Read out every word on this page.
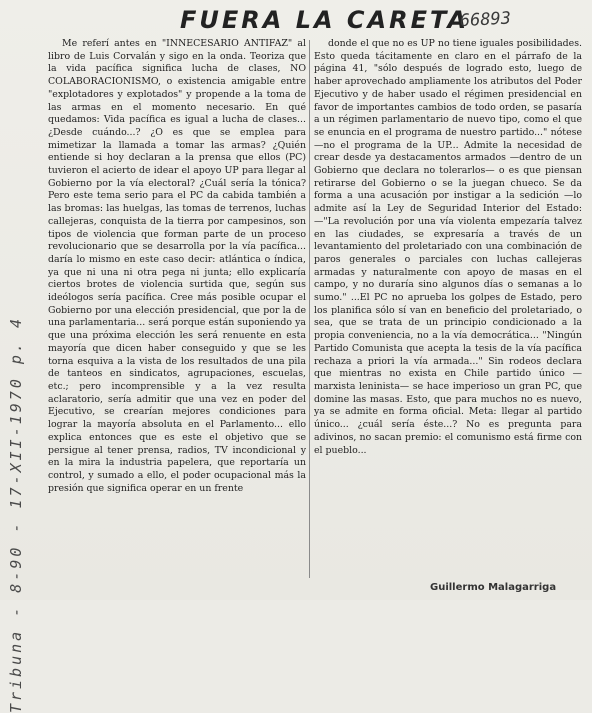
FUERA LA CARETA
66893
Tribuna - 8-90 - 17-XII-1970 p. 4

Me referí antes en "INNECESARIO ANTIFAZ" al libro de Luis Corvalán y sigo en la onda. Teoriza que la vida pacífica significa lucha de clases, NO COLABORACIONISMO, o existencia amigable entre "explotadores y explotados" y propende a la toma de las armas en el momento necesario. En qué quedamos: Vida pacífica es igual a lucha de clases... ¿Desde cuándo...? ¿O es que se emplea para mimetizar la llamada a tomar las armas? ¿Quién entiende si hoy declaran a la prensa que ellos (PC) tuvieron el acierto de idear el apoyo UP para llegar al Gobierno por la vía electoral? ¿Cuál sería la tónica? Pero este tema serio para el PC da cabida también a las bromas: las huelgas, las tomas de terrenos, luchas callejeras, conquista de la tierra por campesinos, son tipos de violencia que forman parte de un proceso revolucionario que se desarrolla por la vía pacífica... daría lo mismo en este caso decir: atlántica o índica, ya que ni una ni otra pega ni junta; ello explicaría ciertos brotes de violencia surtida que, según sus ideólogos sería pacífica. Cree más posible ocupar el Gobierno por una elección presidencial, que por la de una parlamentaria... será porque están suponiendo ya que una próxima elección les será renuente en esta mayoría que dicen haber conseguido y que se les torna esquiva a la vista de los resultados de una pila de tanteos en sindicatos, agrupaciones, escuelas, etc.; pero incomprensible y a la vez resulta aclaratorio, sería admitir que una vez en poder del Ejecutivo, se crearían mejores condiciones para lograr la mayoría absoluta en el Parlamento... ello explica entonces que es este el objetivo que se persigue al tener prensa, radios, TV incondicional y en la mira la industria papelera, que reportaría un control, y sumado a ello, el poder ocupacional más la presión que significa operar en un frente

donde el que no es UP no tiene iguales posibilidades. Esto queda tácitamente en claro en el párrafo de la página 41, "sólo después de logrado esto, luego de haber aprovechado ampliamente los atributos del Poder Ejecutivo y de haber usado el régimen presidencial en favor de importantes cambios de todo orden, se pasaría a un régimen parlamentario de nuevo tipo, como el que se enuncia en el programa de nuestro partido..." nótese —no el programa de la UP... Admite la necesidad de crear desde ya destacamentos armados —dentro de un Gobierno que declara no tolerarlos— o es que piensan retirarse del Gobierno o se la juegan chueco. Se da forma a una acusación por instigar a la sedición —lo admite así la Ley de Seguridad Interior del Estado: —"La revolución por una vía violenta empezaría talvez en las ciudades, se expresaría a través de un levantamiento del proletariado con una combinación de paros generales o parciales con luchas callejeras armadas y naturalmente con apoyo de masas en el campo, y no duraría sino algunos días o semanas a lo sumo." ...El PC no aprueba los golpes de Estado, pero los planifica sólo sí van en beneficio del proletariado, o sea, que se trata de un principio condicionado a la propia conveniencia, no a la vía democrática... "Ningún Partido Comunista que acepta la tesis de la vía pacífica rechaza a priori la vía armada..." Sin rodeos declara que mientras no exista en Chile partido único —marxista leninista— se hace imperioso un gran PC, que domine las masas. Esto, que para muchos no es nuevo, ya se admite en forma oficial. Meta: llegar al partido único... ¿cuál sería éste...? No es pregunta para adivinos, no sacan premio: el comunismo está firme con el pueblo...

Guillermo Malagarriga
